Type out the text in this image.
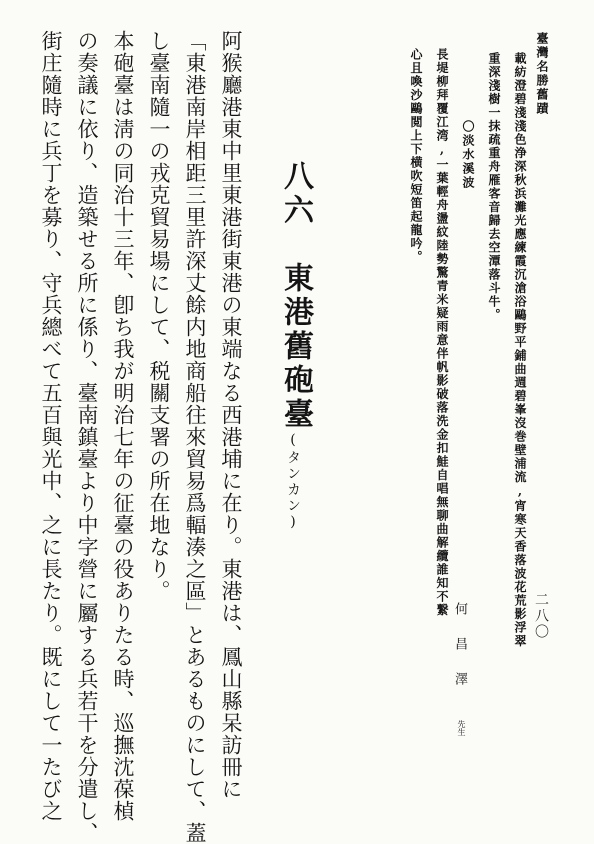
臺灣名勝舊蹟
二八〇
載紡澄碧淺淺色浄深秋浜灘光應練霞沉滄浴鷗野平鋪曲週碧峯沒巻壁浦流,宵寒天香落波花荒影浮翠
重深淺樹一抹疏重舟雁客音歸去空潭落斗牛。
〇淡水溪波
何昌澤
先生
長堤柳拜覆江湾,一葉輕舟盪紋陸勢驚青米疑雨意伴帆影破落洗金扣鮭自唱無聊曲解纜誰知不繋
心且喚沙鷗閲上下横吹短笛起龍吟。
八六　東港舊砲臺
(タンカン)
阿猴廳港東中里東港街東港の東端なる西港埔に在り。東港は、鳳山縣呆訪冊に
「東港南岸相距三里許深丈餘内地商船往來貿易爲輻湊之區」とあるものにして、蓋
し臺南隨一の戎克貿易場にして、税關支署の所在地なり。
本砲臺は淸の同治十三年、卽ち我が明治七年の征臺の役ありたる時、巡撫沈葆楨
の奏議に依り、造築せる所に係り、臺南鎮臺より中字營に屬する兵若干を分遣し、
街庄隨時に兵丁を募り、守兵總べて五百與光中、之に長たり。既にして一たび之
